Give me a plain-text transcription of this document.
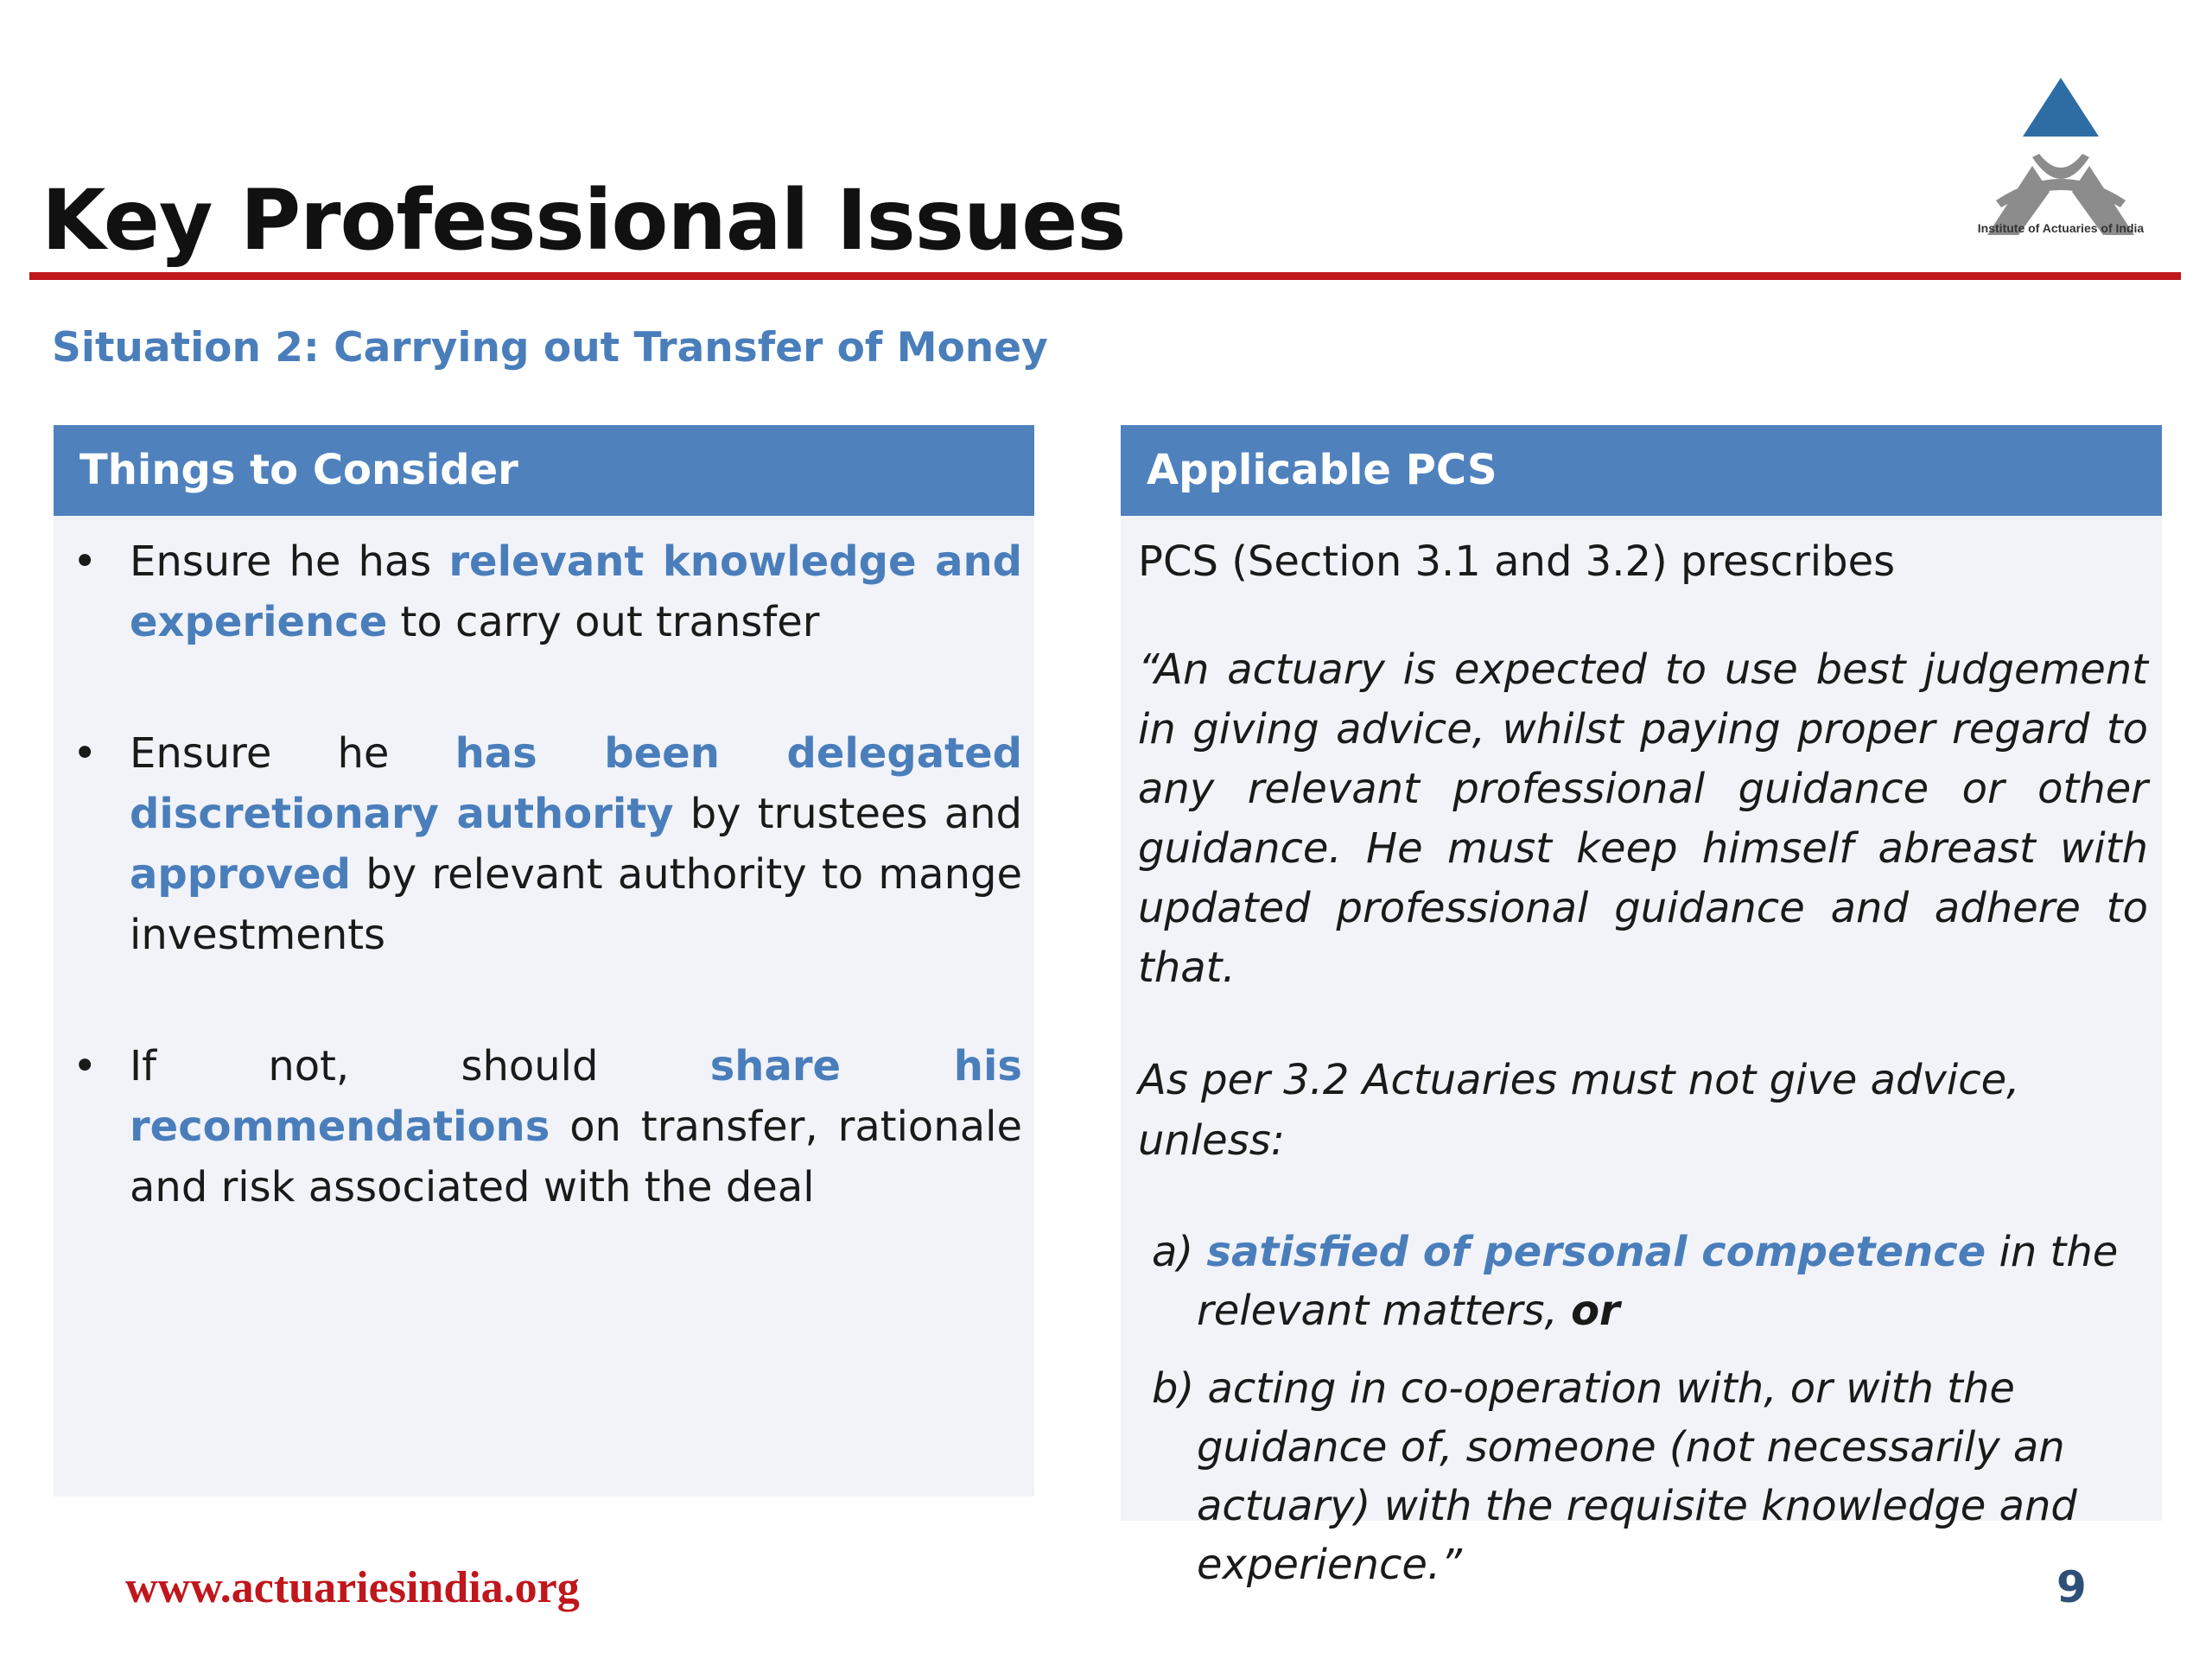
Key Professional Issues	Institute of Actuaries of India
Situation 2: Carrying out Transfer of Money
Things to Consider

• Ensure he has relevant knowledge and experience to carry out transfer

• Ensure he has been delegated discretionary authority by trustees and approved by relevant authority to mange investments

• If not, should share his recommendations on transfer, rationale and risk associated with the deal

Applicable PCS

PCS (Section 3.1 and 3.2) prescribes

“An actuary is expected to use best judgement in giving advice, whilst paying proper regard to any relevant professional guidance or other guidance. He must keep himself abreast with updated professional guidance and adhere to that.

As per 3.2 Actuaries must not give advice, unless:

a) satisfied of personal competence in the relevant matters, or

b) acting in co-operation with, or with the guidance of, someone (not necessarily an actuary) with the requisite knowledge and experience.”

www.actuariesindia.org	9
